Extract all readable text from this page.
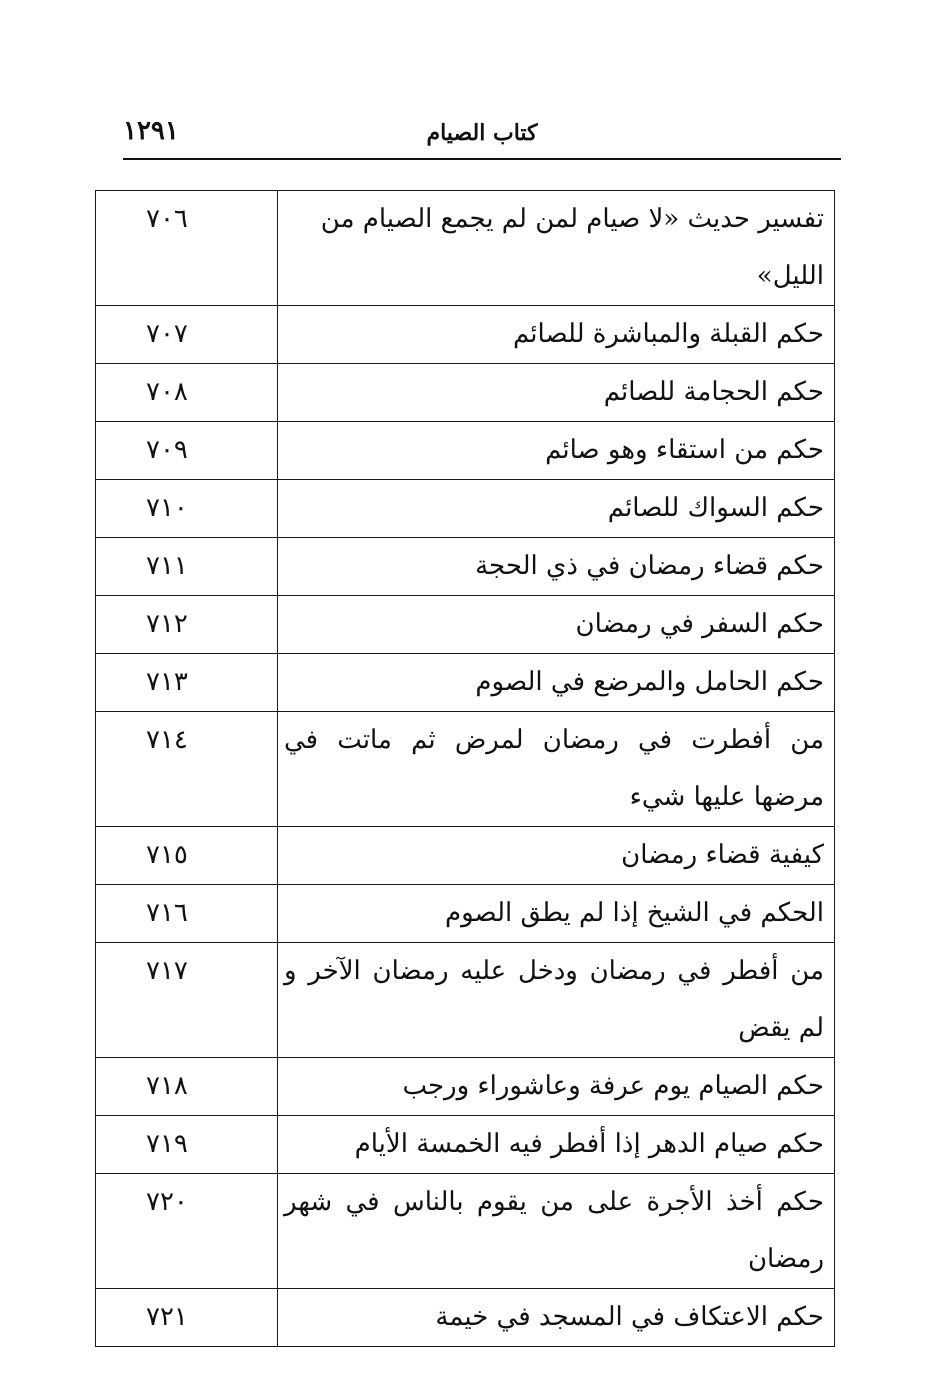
كتاب الصيام
١٢٩١
تفسير حديث «لا صيام لمن لم يجمع الصيام من الليل»	٧٠٦
حكم القبلة والمباشرة للصائم	٧٠٧
حكم الحجامة للصائم	٧٠٨
حكم من استقاء وهو صائم	٧٠٩
حكم السواك للصائم	٧١٠
حكم قضاء رمضان في ذي الحجة	٧١١
حكم السفر في رمضان	٧١٢
حكم الحامل والمرضع في الصوم	٧١٣
من أفطرت في رمضان لمرض ثم ماتت في مرضها عليها شيء	٧١٤
كيفية قضاء رمضان	٧١٥
الحكم في الشيخ إذا لم يطق الصوم	٧١٦
من أفطر في رمضان ودخل عليه رمضان الآخر و لم يقض	٧١٧
حكم الصيام يوم عرفة وعاشوراء ورجب	٧١٨
حكم صيام الدهر إذا أفطر فيه الخمسة الأيام	٧١٩
حكم أخذ الأجرة على من يقوم بالناس في شهر رمضان	٧٢٠
حكم الاعتكاف في المسجد في خيمة	٧٢١
